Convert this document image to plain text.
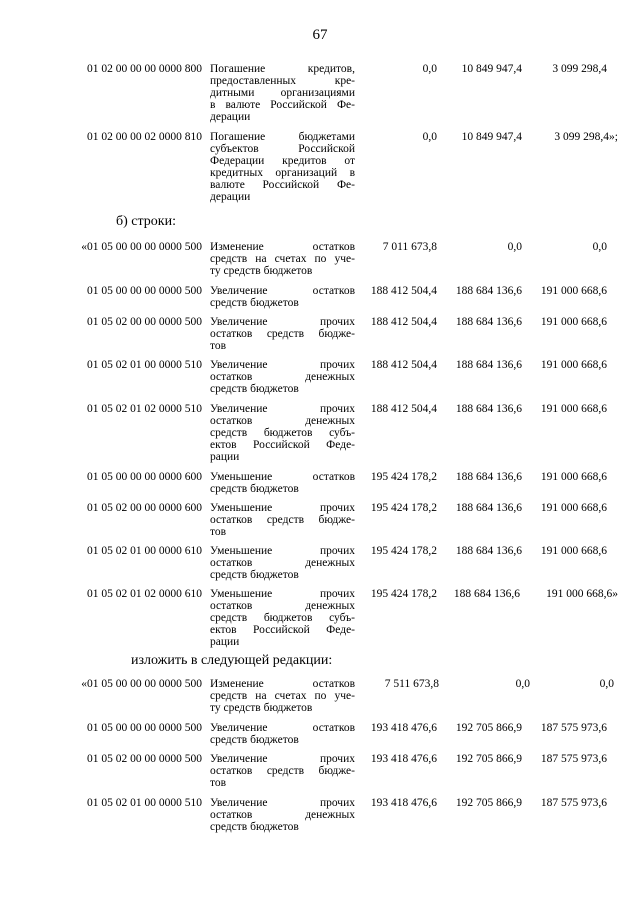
67
01 02 00 00 00 0000 800 Погашение кредитов,
предоставленных кре-
дитными организациями
в валюте Российской Фе-
дерации
0,0	10 849 947,4	3 099 298,4
01 02 00 00 02 0000 810 Погашение бюджетами
субъектов Российской
Федерации кредитов от
кредитных организаций в
валюте Российской Фе-
дерации
0,0	10 849 947,4	3 099 298,4»;
б) строки:
«01 05 00 00 00 0000 500 Изменение остатков
средств на счетах по уче-
ту средств бюджетов
7 011 673,8	0,0	0,0
01 05 00 00 00 0000 500 Увеличение остатков
средств бюджетов
188 412 504,4	188 684 136,6	191 000 668,6
01 05 02 00 00 0000 500 Увеличение прочих
остатков средств бюдже-
тов
188 412 504,4	188 684 136,6	191 000 668,6
01 05 02 01 00 0000 510 Увеличение прочих
остатков денежных
средств бюджетов
188 412 504,4	188 684 136,6	191 000 668,6
01 05 02 01 02 0000 510 Увеличение прочих
остатков денежных
средств бюджетов субъ-
ектов Российской Феде-
рации
188 412 504,4	188 684 136,6	191 000 668,6
01 05 00 00 00 0000 600 Уменьшение остатков
средств бюджетов
195 424 178,2	188 684 136,6	191 000 668,6
01 05 02 00 00 0000 600 Уменьшение прочих
остатков средств бюдже-
тов
195 424 178,2	188 684 136,6	191 000 668,6
01 05 02 01 00 0000 610 Уменьшение прочих
остатков денежных
средств бюджетов
195 424 178,2	188 684 136,6	191 000 668,6
01 05 02 01 02 0000 610 Уменьшение прочих
остатков денежных
средств бюджетов субъ-
ектов Российской Феде-
рации
195 424 178,2	188 684 136,6	191 000 668,6»
изложить в следующей редакции:
«01 05 00 00 00 0000 500 Изменение остатков
средств на счетах по уче-
ту средств бюджетов
7 511 673,8	0,0	0,0
01 05 00 00 00 0000 500 Увеличение остатков
средств бюджетов
193 418 476,6	192 705 866,9	187 575 973,6
01 05 02 00 00 0000 500 Увеличение прочих
остатков средств бюдже-
тов
193 418 476,6	192 705 866,9	187 575 973,6
01 05 02 01 00 0000 510 Увеличение прочих
остатков денежных
средств бюджетов
193 418 476,6	192 705 866,9	187 575 973,6
